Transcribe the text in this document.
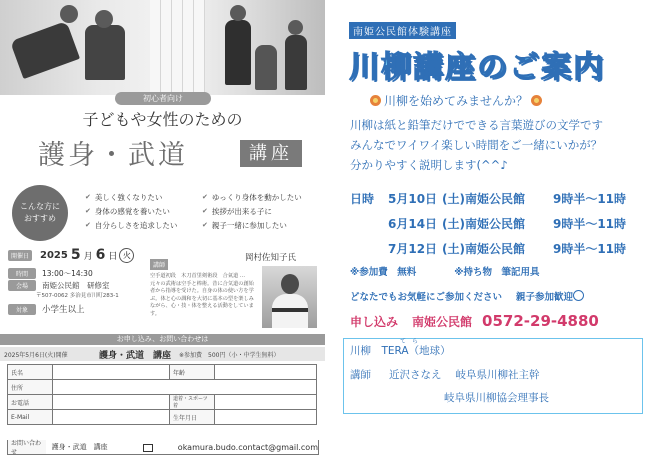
初心者向け
子どもや女性のための
護身・武道	講座
こんな方に
おすすめ
✔ 美しく強くなりたい	✔ ゆっくり身体を動かしたい
✔ 身体の感覚を養いたい	✔ 挨拶が出来る子に
✔ 自分らしさを追求したい	✔ 親子一緒に参加したい
開催日	2025 5 月 6 日 火
時間	13:00～14:30
会場	南姫公民館　研修室
〒507-0062 多治見市川町283-1
対象	小学生以上
講師
空手道初段　木刀首里剣術段　合氣道 …元々の武術は空手と棒術。昔に合気道の創始者から指導を受けた。自身の体の使い方を学ぶ。体と心の調和を大切に基本の型を楽しみながら、心・技・体を整える活動をしています。
岡村佐知子氏
お申し込み、お問い合わせは
2025年5月6日(火)開催	護身・武道　講座 ※参加費　500円（小・中学生無料）
氏名		年齢	
住所			
お電話		道着・スポーツ着	
E-Mail		生年月日	
お問い合わせ
護身・武道　講座	okamura.budo.contact@gmail.com
南姫公民館体験講座
川柳講座のご案内
川柳を始めてみませんか？
川柳は紙と鉛筆だけでできる言葉遊びの文学です
みんなでワイワイ楽しい時間をご一緒にいかが？
分かりやすく説明します(^^♪
日時	5月10日 (土) 南姫公民館	9時半～11時
6月14日 (土) 南姫公民館	9時半～11時
7月12日 (土) 南姫公民館	9時半～11時
※参加費　無料	※持ち物　筆記用具
どなたでもお気軽にご参加ください 親子参加歓迎
申し込み 南姫公民館 0572-29-4880
て　ら
川柳　TERA（地球）
講師 近沢さなえ 岐阜県川柳社主幹
岐阜県川柳協会理事長
